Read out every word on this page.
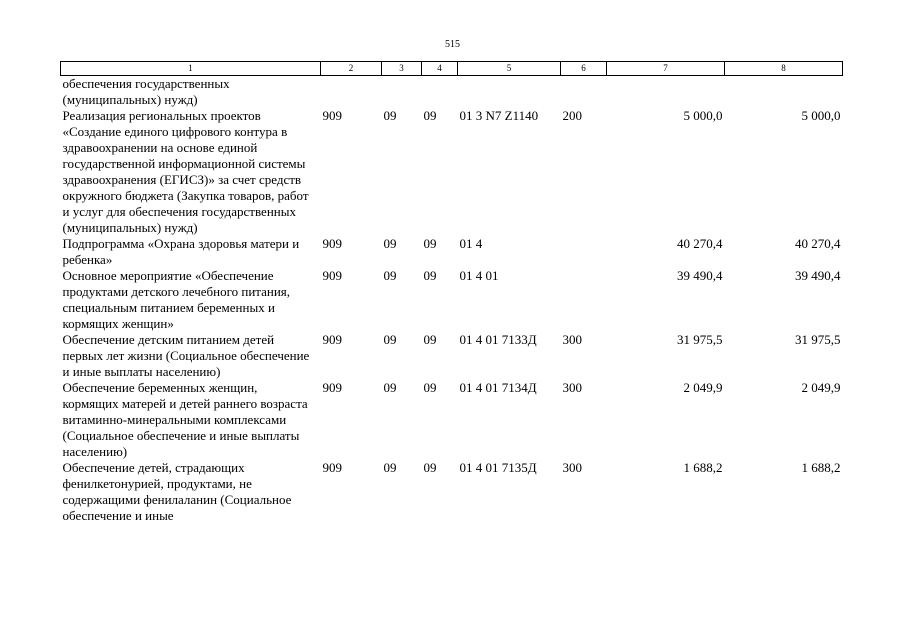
515
1	2	3	4	5	6	7	8
обеспечения государственных (муниципальных) нужд)							
Реализация региональных проектов «Создание единого цифрового контура в здравоохранении на основе единой государственной информационной системы здравоохранения (ЕГИСЗ)» за счет средств окружного бюджета (Закупка товаров, работ и услуг для обеспечения государственных (муниципальных) нужд)	909	09	09	01 3 N7 Z1140	200	5 000,0	5 000,0
Подпрограмма «Охрана здоровья матери и ребенка»	909	09	09	01 4		40 270,4	40 270,4
Основное мероприятие «Обеспечение продуктами детского лечебного питания, специальным питанием беременных и кормящих женщин»	909	09	09	01 4 01		39 490,4	39 490,4
Обеспечение детским питанием детей первых лет жизни (Социальное обеспечение и иные выплаты населению)	909	09	09	01 4 01 7133Д	300	31 975,5	31 975,5
Обеспечение беременных женщин, кормящих матерей и детей раннего возраста витаминно-минеральными комплексами (Социальное обеспечение и иные выплаты населению)	909	09	09	01 4 01 7134Д	300	2 049,9	2 049,9
Обеспечение детей, страдающих фенилкетонурией, продуктами, не содержащими фенилаланин (Социальное обеспечение и иные	909	09	09	01 4 01 7135Д	300	1 688,2	1 688,2
